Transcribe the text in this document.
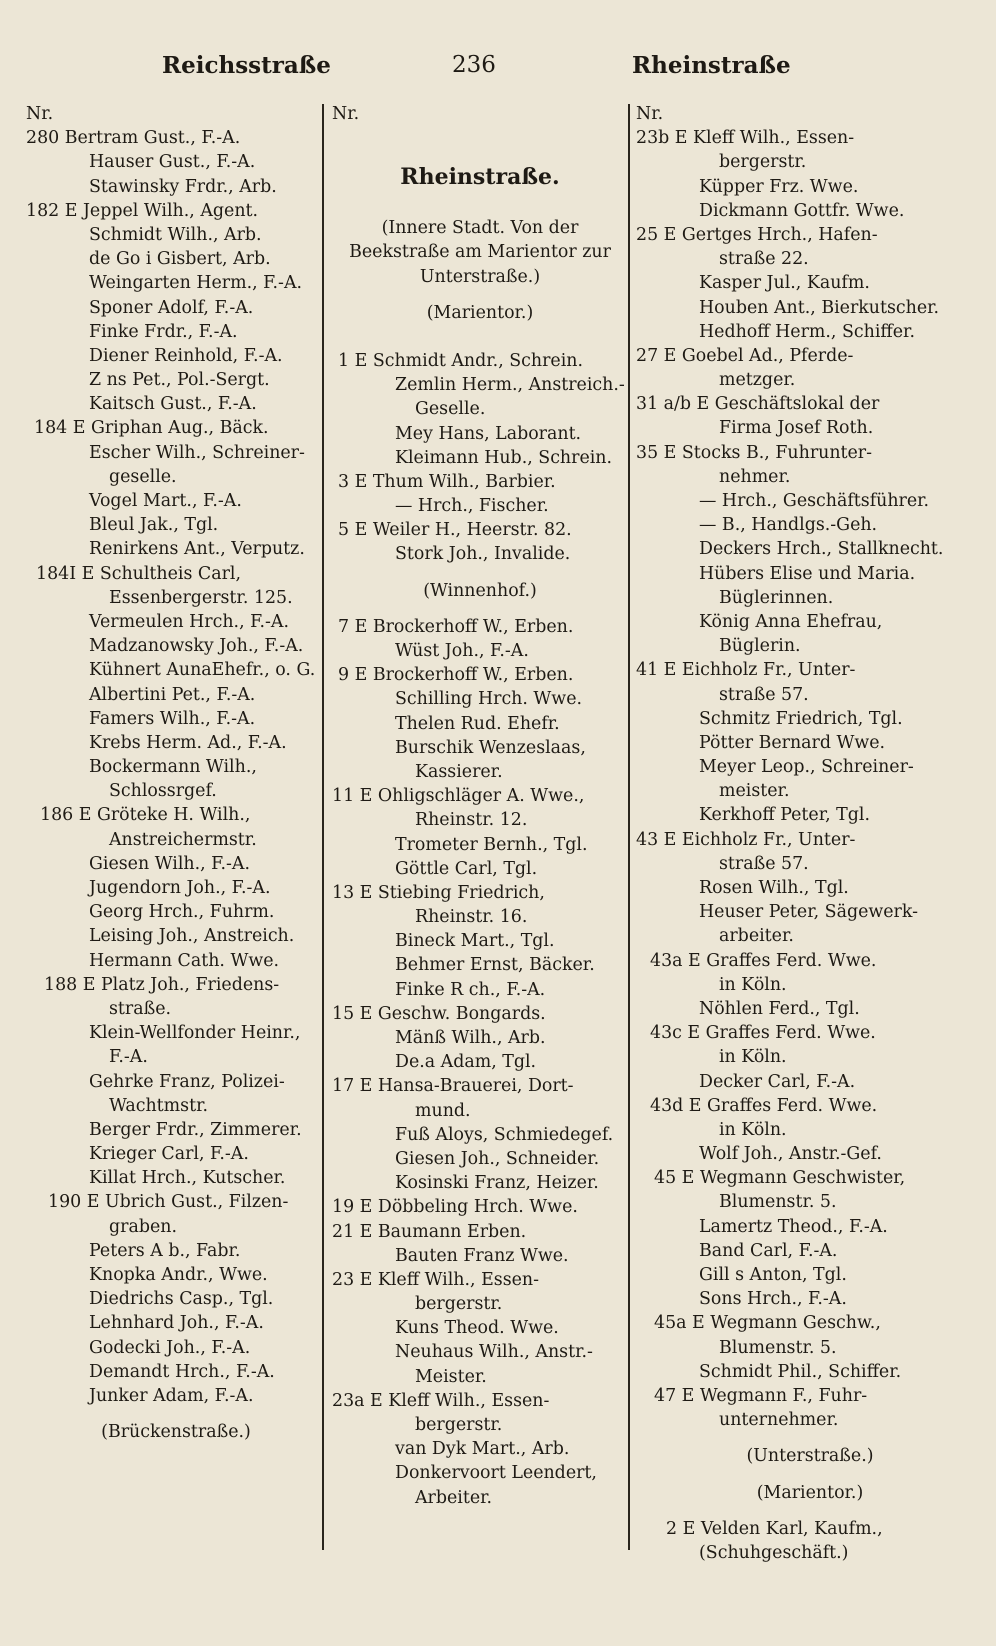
Reichsstraße	236	Rheinstraße
Nr.
280 Bertram Gust., F.-A.
Hauser Gust., F.-A.
Stawinsky Frdr., Arb.
182 E Jeppel Wilh., Agent.
Schmidt Wilh., Arb.
de Go i Gisbert, Arb.
Weingarten Herm., F.-A.
Sponer Adolf, F.-A.
Finke Frdr., F.-A.
Diener Reinhold, F.-A.
Z ns Pet., Pol.-Sergt.
Kaitsch Gust., F.-A.
184 E Griphan Aug., Bäck.
Escher Wilh., Schreiner-
geselle.
Vogel Mart., F.-A.
Bleul Jak., Tgl.
Renirkens Ant., Verputz.
184I E Schultheis Carl,
Essenbergerstr. 125.
Vermeulen Hrch., F.-A.
Madzanowsky Joh., F.-A.
Kühnert AunaEhefr., o. G.
Albertini Pet., F.-A.
Famers Wilh., F.-A.
Krebs Herm. Ad., F.-A.
Bockermann Wilh.,
Schlossrgef.
186 E Gröteke H. Wilh.,
Anstreichermstr.
Giesen Wilh., F.-A.
Jugendorn Joh., F.-A.
Georg Hrch., Fuhrm.
Leising Joh., Anstreich.
Hermann Cath. Wwe.
188 E Platz Joh., Friedens-
straße.
Klein-Wellfonder Heinr.,
F.-A.
Gehrke Franz, Polizei-
Wachtmstr.
Berger Frdr., Zimmerer.
Krieger Carl, F.-A.
Killat Hrch., Kutscher.
190 E Ubrich Gust., Filzen-
graben.
Peters A b., Fabr.
Knopka Andr., Wwe.
Diedrichs Casp., Tgl.
Lehnhard Joh., F.-A.
Godecki Joh., F.-A.
Demandt Hrch., F.-A.
Junker Adam, F.-A.
(Brückenstraße.)
Nr.
Rheinstraße.
(Innere Stadt. Von der
Beekstraße am Marientor zur
Unterstraße.)
(Marientor.)
1 E Schmidt Andr., Schrein.
Zemlin Herm., Anstreich.-
Geselle.
Mey Hans, Laborant.
Kleimann Hub., Schrein.
3 E Thum Wilh., Barbier.
— Hrch., Fischer.
5 E Weiler H., Heerstr. 82.
Stork Joh., Invalide.
(Winnenhof.)
7 E Brockerhoff W., Erben.
Wüst Joh., F.-A.
9 E Brockerhoff W., Erben.
Schilling Hrch. Wwe.
Thelen Rud. Ehefr.
Burschik Wenzeslaas,
Kassierer.
11 E Ohligschläger A. Wwe.,
Rheinstr. 12.
Trometer Bernh., Tgl.
Göttle Carl, Tgl.
13 E Stiebing Friedrich,
Rheinstr. 16.
Bineck Mart., Tgl.
Behmer Ernst, Bäcker.
Finke R ch., F.-A.
15 E Geschw. Bongards.
Mänß Wilh., Arb.
De.a Adam, Tgl.
17 E Hansa-Brauerei, Dort-
mund.
Fuß Aloys, Schmiedegef.
Giesen Joh., Schneider.
Kosinski Franz, Heizer.
19 E Döbbeling Hrch. Wwe.
21 E Baumann Erben.
Bauten Franz Wwe.
23 E Kleff Wilh., Essen-
bergerstr.
Kuns Theod. Wwe.
Neuhaus Wilh., Anstr.-
Meister.
23a E Kleff Wilh., Essen-
bergerstr.
van Dyk Mart., Arb.
Donkervoort Leendert,
Arbeiter.
Nr.
23b E Kleff Wilh., Essen-
bergerstr.
Küpper Frz. Wwe.
Dickmann Gottfr. Wwe.
25 E Gertges Hrch., Hafen-
straße 22.
Kasper Jul., Kaufm.
Houben Ant., Bierkutscher.
Hedhoff Herm., Schiffer.
27 E Goebel Ad., Pferde-
metzger.
31 a/b E Geschäftslokal der
Firma Josef Roth.
35 E Stocks B., Fuhrunter-
nehmer.
— Hrch., Geschäftsführer.
— B., Handlgs.-Geh.
Deckers Hrch., Stallknecht.
Hübers Elise und Maria.
Büglerinnen.
König Anna Ehefrau,
Büglerin.
41 E Eichholz Fr., Unter-
straße 57.
Schmitz Friedrich, Tgl.
Pötter Bernard Wwe.
Meyer Leop., Schreiner-
meister.
Kerkhoff Peter, Tgl.
43 E Eichholz Fr., Unter-
straße 57.
Rosen Wilh., Tgl.
Heuser Peter, Sägewerk-
arbeiter.
43a E Graffes Ferd. Wwe.
in Köln.
Nöhlen Ferd., Tgl.
43c E Graffes Ferd. Wwe.
in Köln.
Decker Carl, F.-A.
43d E Graffes Ferd. Wwe.
in Köln.
Wolf Joh., Anstr.-Gef.
45 E Wegmann Geschwister,
Blumenstr. 5.
Lamertz Theod., F.-A.
Band Carl, F.-A.
Gill s Anton, Tgl.
Sons Hrch., F.-A.
45a E Wegmann Geschw.,
Blumenstr. 5.
Schmidt Phil., Schiffer.
47 E Wegmann F., Fuhr-
unternehmer.
(Unterstraße.)
(Marientor.)
2 E Velden Karl, Kaufm.,
(Schuhgeschäft.)
